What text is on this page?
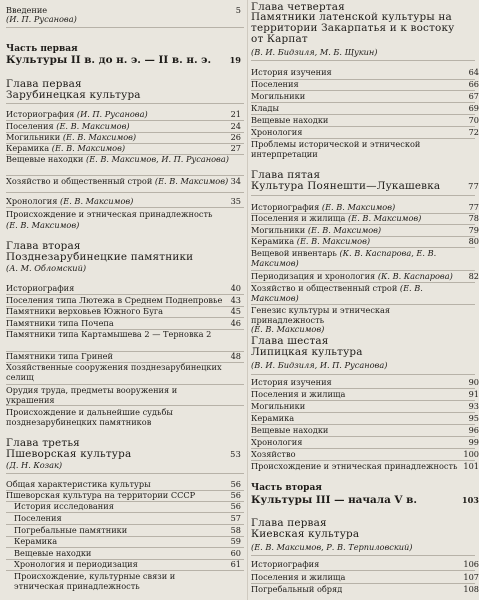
Введение	5
(И. П. Русанова)
Часть первая
Культуры II в. до н. э. — II в. н. э. 19
Глава первая
Зарубинецкая культура
Историография (И. П. Русанова)	21
Поселения (Е. В. Максимов)	24
Могильники (Е. В. Максимов)	26
Керамика (Е. В. Максимов)	27
Вещевые находки (Е. В. Максимов, И. П. Русанова)
Хозяйство и общественный строй (Е. В. Максимов) 34
Хронология (Е. В. Максимов)	35
Происхождение и этническая принадлежность
(Е. В. Максимов)
Глава вторая
Позднезарубинецкие памятники
(А. М. Обломский)
Историография	40
Поселения типа Лютежа в Среднем Поднепровье 43
Памятники верховьев Южного Буга	45
Памятники типа Почепа	46
Памятники типа Картамышева 2 — Терновка 2
Памятники типа Гриней	48
Хозяйственные сооружения позднезарубинецких селищ
Орудия труда, предметы вооружения и украшения
Происхождение и дальнейшие судьбы позднезарубинецких памятников
Глава третья
Пшеворская культура	53
(Д. Н. Козак)
Общая характеристика культуры	56
Пшеворская культура на территории СССР	56
История исследования	56
Поселения	57
Погребальные памятники	58
Керамика	59
Вещевые находки	60
Хронология и периодизация	61
Происхождение, культурные связи и этническая принадлежность
Глава четвертая
Памятники латенской культуры на территории Закарпатья и к востоку от Карпат
(В. И. Бидзиля, М. Б. Щукин)
История изучения	64
Поселения	66
Могильники	67
Клады	69
Вещевые находки	70
Хронология	72
Проблемы исторической и этнической интерпретации
Глава пятая
Культура Поянешти—Лукашевка	77
Историография (Е. В. Максимов)	77
Поселения и жилища (Е. В. Максимов)	78
Могильники (Е. В. Максимов)	79
Керамика (Е. В. Максимов)	80
Вещевой инвентарь (К. В. Каспарова, Е. В. Максимов)
Периодизация и хронология (К. В. Каспарова) 82
Хозяйство и общественный строй (Е. В. Максимов)
Генезис культуры и этническая принадлежность (Е. В. Максимов)
Глава шестая
Липицкая культура
(В. И. Бидзиля, И. П. Русанова)
История изучения	90
Поселения и жилища	91
Могильники	93
Керамика	95
Вещевые находки	96
Хронология	99
Хозяйство	100
Происхождение и этническая принадлежность 101
Часть вторая
Культуры III — начала V в.	103
Глава первая
Киевская культура
(Е. В. Максимов, Р. В. Терпиловский)
Историография	106
Поселения и жилища	107
Погребальный обряд	108
